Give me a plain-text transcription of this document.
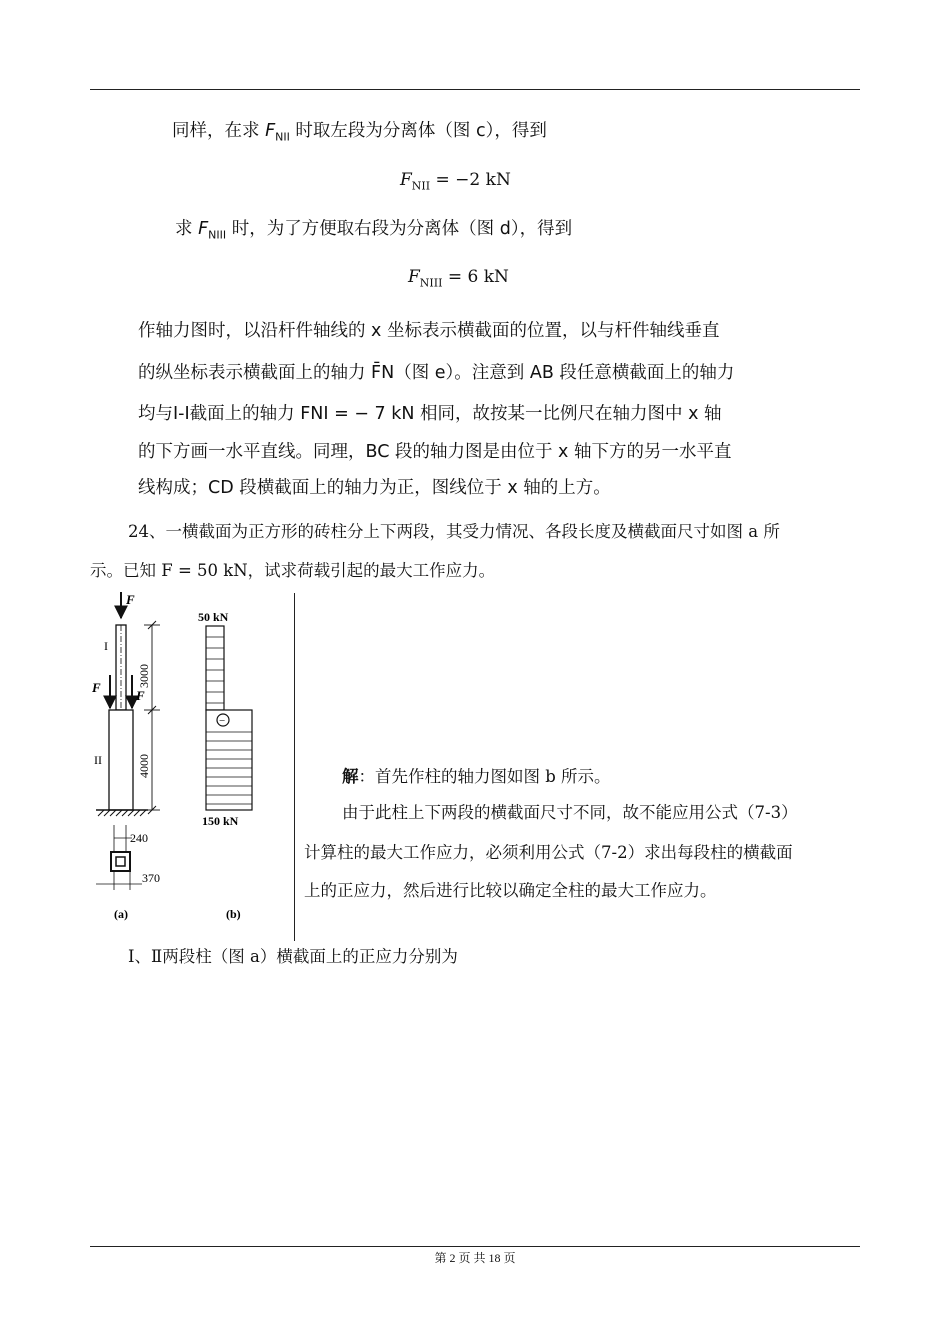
同样，在求 $F_{NII}$ 时取左段为分离体（图 c），得到
$F_{NII} = -2$ kN
求 $F_{NIII}$ 时，为了方便取右段为分离体（图 d），得到
$F_{NIII} = 6$ kN
作轴力图时，以沿杆件轴线的 x 坐标表示横截面的位置，以与杆件轴线垂直
的纵坐标表示横截面上的轴力 F̄N（图 e）。注意到 AB 段任意横截面上的轴力
均与Ⅰ-Ⅰ截面上的轴力 FNI = − 7 kN 相同，故按某一比例尺在轴力图中 x 轴
的下方画一水平直线。同理，BC 段的轴力图是由位于 x 轴下方的另一水平直
线构成；CD 段横截面上的轴力为正，图线位于 x 轴的上方。
24、一横截面为正方形的砖柱分上下两段，其受力情况、各段长度及横截面尺寸如图 a 所
示。已知 F = 50 kN，试求荷载引起的最大工作应力。
F
I
F
F
II
3000
4000
240
370
(a)
50 kN
−
150 kN
(b)
解：首先作柱的轴力图如图 b 所示。
由于此柱上下两段的横截面尺寸不同，故不能应用公式（7-3）
计算柱的最大工作应力，必须利用公式（7-2）求出每段柱的横截面
上的正应力，然后进行比较以确定全柱的最大工作应力。
Ⅰ、Ⅱ两段柱（图 a）横截面上的正应力分别为
第 2 页 共 18 页
